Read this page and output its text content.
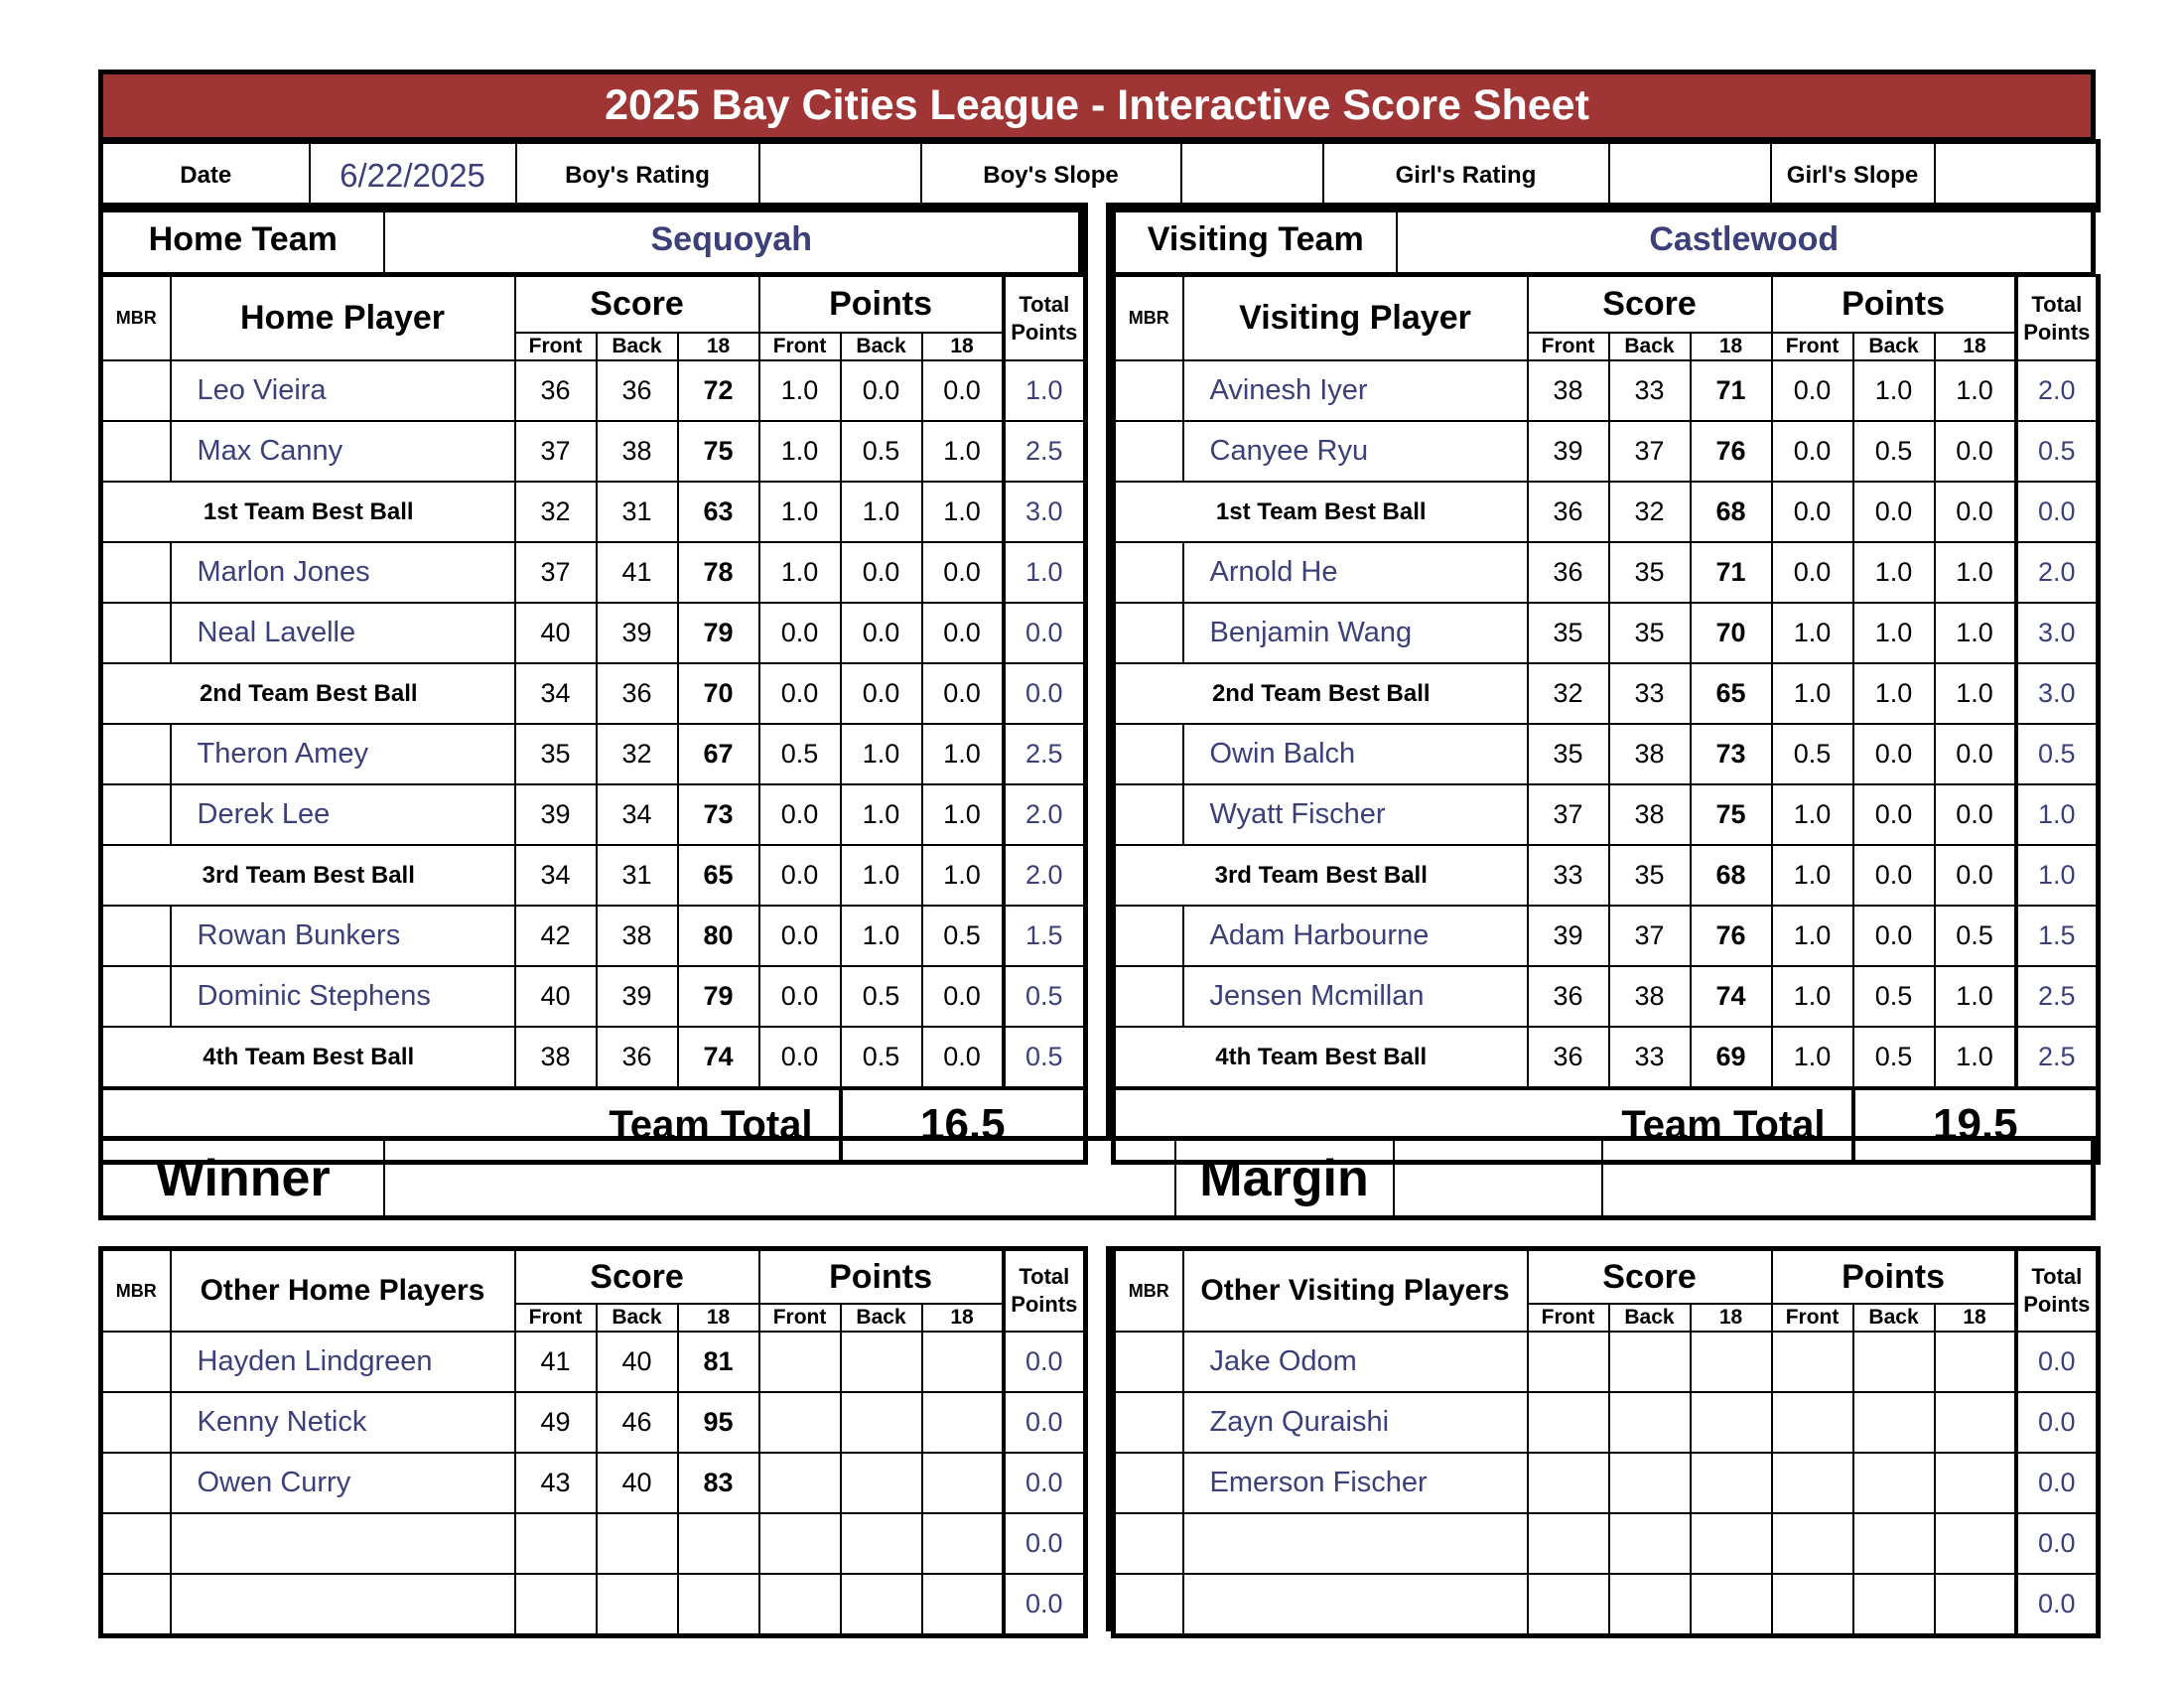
2025 Bay Cities League - Interactive Score Sheet
Date	6/22/2025	Boy's Rating		Boy's Slope		Girl's Rating		Girl's Slope	
Home Team	Sequoyah
MBR	Home Player	Score			Points			Total Points
		Front	Back	18	Front	Back	18	
	Leo Vieira	36	36	72	1.0	0.0	0.0	1.0
	Max Canny	37	38	75	1.0	0.5	1.0	2.5
1st Team Best Ball		32	31	63	1.0	1.0	1.0	3.0
	Marlon Jones	37	41	78	1.0	0.0	0.0	1.0
	Neal Lavelle	40	39	79	0.0	0.0	0.0	0.0
2nd Team Best Ball		34	36	70	0.0	0.0	0.0	0.0
	Theron Amey	35	32	67	0.5	1.0	1.0	2.5
	Derek Lee	39	34	73	0.0	1.0	1.0	2.0
3rd Team Best Ball		34	31	65	0.0	1.0	1.0	2.0
	Rowan Bunkers	42	38	80	0.0	1.0	0.5	1.5
	Dominic Stephens	40	39	79	0.0	0.5	0.0	0.5
4th Team Best Ball		38	36	74	0.0	0.5	0.0	0.5
Team Total						16.5		
Visiting Team	Castlewood
MBR	Visiting Player	Score			Points			Total Points
		Front	Back	18	Front	Back	18	
	Avinesh Iyer	38	33	71	0.0	1.0	1.0	2.0
	Canyee Ryu	39	37	76	0.0	0.5	0.0	0.5
1st Team Best Ball		36	32	68	0.0	0.0	0.0	0.0
	Arnold He	36	35	71	0.0	1.0	1.0	2.0
	Benjamin Wang	35	35	70	1.0	1.0	1.0	3.0
2nd Team Best Ball		32	33	65	1.0	1.0	1.0	3.0
	Owin Balch	35	38	73	0.5	0.0	0.0	0.5
	Wyatt Fischer	37	38	75	1.0	0.0	0.0	1.0
3rd Team Best Ball		33	35	68	1.0	0.0	0.0	1.0
	Adam Harbourne	39	37	76	1.0	0.0	0.5	1.5
	Jensen Mcmillan	36	38	74	1.0	0.5	1.0	2.5
4th Team Best Ball		36	33	69	1.0	0.5	1.0	2.5
Team Total						19.5		
Winner		Margin		
MBR	Other Home Players	Score			Points			Total Points
		Front	Back	18	Front	Back	18	
	Hayden Lindgreen	41	40	81				0.0
	Kenny Netick	49	46	95				0.0
	Owen Curry	43	40	83				0.0
								0.0
								0.0
MBR	Other Visiting Players	Score			Points			Total Points
		Front	Back	18	Front	Back	18	
	Jake Odom							0.0
	Zayn Quraishi							0.0
	Emerson Fischer							0.0
								0.0
								0.0
